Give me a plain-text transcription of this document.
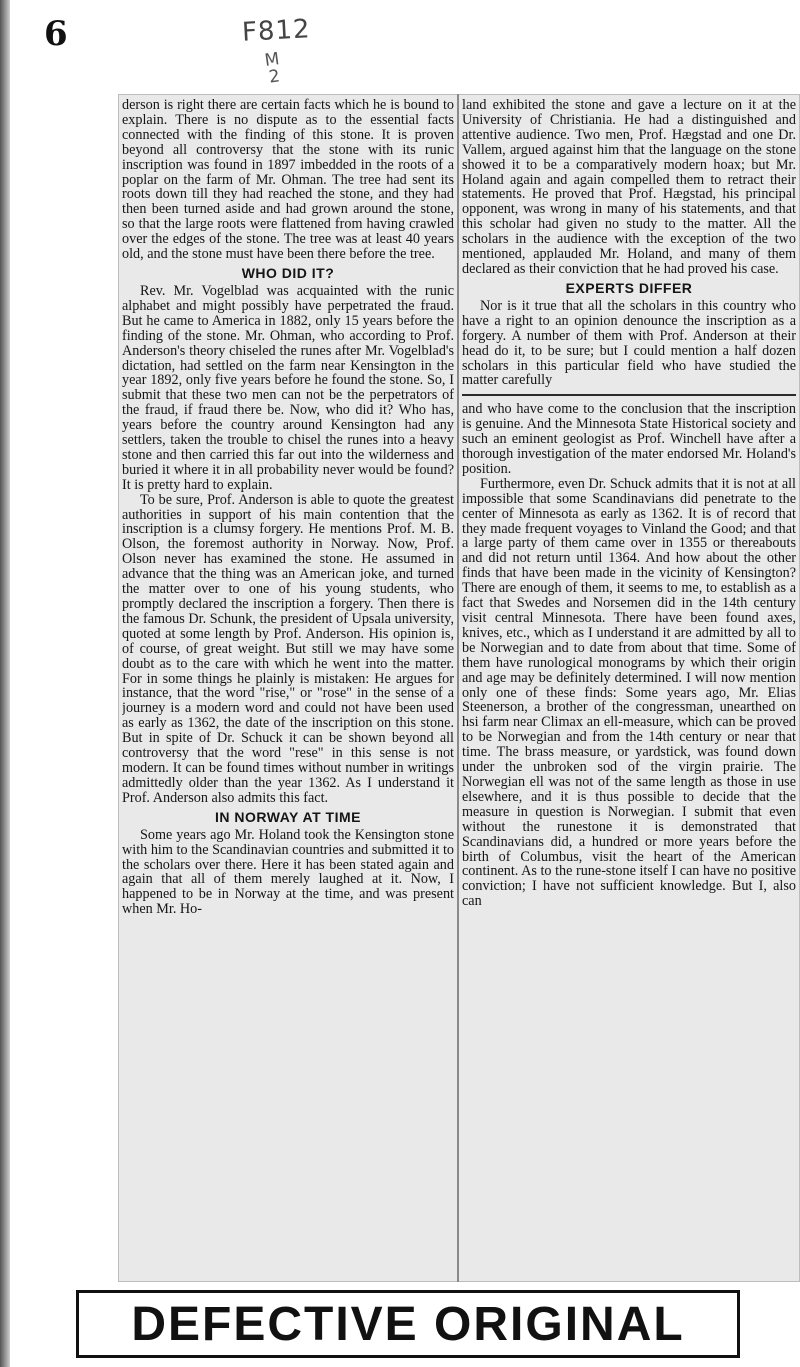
6	F812
M
2

derson is right there are certain facts which he is bound to explain. There is no dispute as to the essential facts connected with the finding of this stone. It is proven beyond all controversy that the stone with its runic inscription was found in 1897 imbedded in the roots of a poplar on the farm of Mr. Ohman. The tree had sent its roots down till they had reached the stone, and they had then been turned aside and had grown around the stone, so that the large roots were flattened from having crawled over the edges of the stone. The tree was at least 40 years old, and the stone must have been there before the tree.

WHO DID IT?

Rev. Mr. Vogelblad was acquainted with the runic alphabet and might possibly have perpetrated the fraud. But he came to America in 1882, only 15 years before the finding of the stone. Mr. Ohman, who according to Prof. Anderson's theory chiseled the runes after Mr. Vogelblad's dictation, had settled on the farm near Kensington in the year 1892, only five years before he found the stone. So, I submit that these two men can not be the perpetrators of the fraud, if fraud there be. Now, who did it? Who has, years before the country around Kensington had any settlers, taken the trouble to chisel the runes into a heavy stone and then carried this far out into the wilderness and buried it where it in all probability never would be found? It is pretty hard to explain.

To be sure, Prof. Anderson is able to quote the greatest authorities in support of his main contention that the inscription is a clumsy forgery. He mentions Prof. M. B. Olson, the foremost authority in Norway. Now, Prof. Olson never has examined the stone. He assumed in advance that the thing was an American joke, and turned the matter over to one of his young students, who promptly declared the inscription a forgery. Then there is the famous Dr. Schunk, the president of Upsala university, quoted at some length by Prof. Anderson. His opinion is, of course, of great weight. But still we may have some doubt as to the care with which he went into the matter. For in some things he plainly is mistaken: He argues for instance, that the word "rise," or "rose" in the sense of a journey is a modern word and could not have been used as early as 1362, the date of the inscription on this stone. But in spite of Dr. Schuck it can be shown beyond all controversy that the word "rese" in this sense is not modern. It can be found times without number in writings admittedly older than the year 1362. As I understand it Prof. Anderson also admits this fact.

IN NORWAY AT TIME

Some years ago Mr. Holand took the Kensington stone with him to the Scandinavian countries and submitted it to the scholars over there. Here it has been stated again and again that all of them merely laughed at it. Now, I happened to be in Norway at the time, and was present when Mr. Ho-

land exhibited the stone and gave a lecture on it at the University of Christiania. He had a distinguished and attentive audience. Two men, Prof. Hægstad and one Dr. Vallem, argued against him that the language on the stone showed it to be a comparatively modern hoax; but Mr. Holand again and again compelled them to retract their statements. He proved that Prof. Hægstad, his principal opponent, was wrong in many of his statements, and that this scholar had given no study to the matter. All the scholars in the audience with the exception of the two mentioned, applauded Mr. Holand, and many of them declared as their conviction that he had proved his case.

EXPERTS DIFFER

Nor is it true that all the scholars in this country who have a right to an opinion denounce the inscription as a forgery. A number of them with Prof. Anderson at their head do it, to be sure; but I could mention a half dozen scholars in this particular field who have studied the matter carefully

and who have come to the conclusion that the inscription is genuine. And the Minnesota State Historical society and such an eminent geologist as Prof. Winchell have after a thorough investigation of the mater endorsed Mr. Holand's position.

Furthermore, even Dr. Schuck admits that it is not at all impossible that some Scandinavians did penetrate to the center of Minnesota as early as 1362. It is of record that they made frequent voyages to Vinland the Good; and that a large party of them came over in 1355 or thereabouts and did not return until 1364. And how about the other finds that have been made in the vicinity of Kensington? There are enough of them, it seems to me, to establish as a fact that Swedes and Norsemen did in the 14th century visit central Minnesota. There have been found axes, knives, etc., which as I understand it are admitted by all to be Norwegian and to date from about that time. Some of them have runological monograms by which their origin and age may be definitely determined. I will now mention only one of these finds: Some years ago, Mr. Elias Steenerson, a brother of the congressman, unearthed on hsi farm near Climax an ell-measure, which can be proved to be Norwegian and from the 14th century or near that time. The brass measure, or yardstick, was found down under the unbroken sod of the virgin prairie. The Norwegian ell was not of the same length as those in use elsewhere, and it is thus possible to decide that the measure in question is Norwegian. I submit that even without the runestone it is demonstrated that Scandinavians did, a hundred or more years before the birth of Columbus, visit the heart of the American continent. As to the rune-stone itself I can have no positive conviction; I have not sufficient knowledge. But I, also can

DEFECTIVE ORIGINAL
